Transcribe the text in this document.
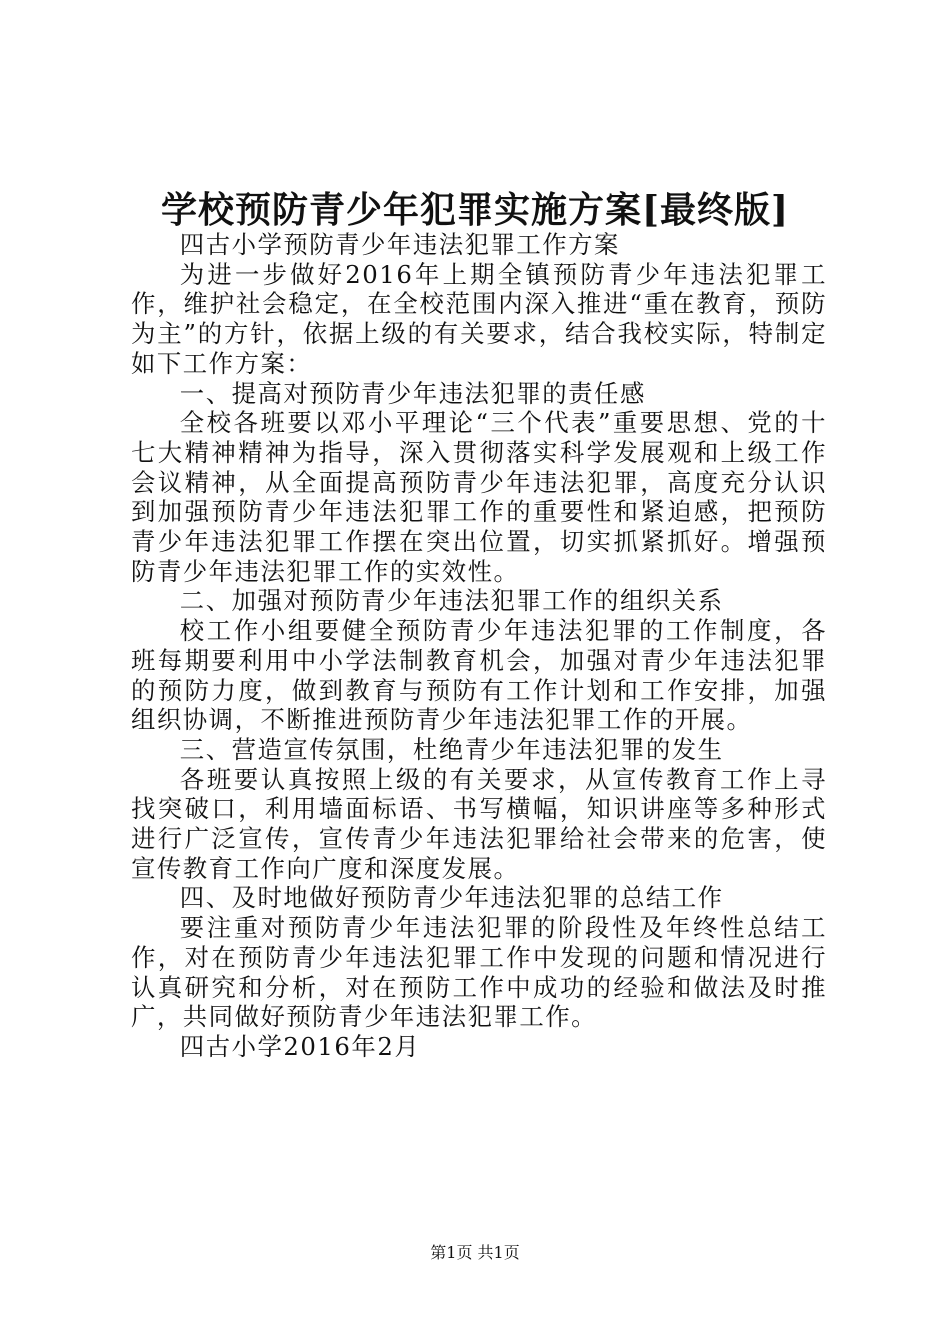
学校预防青少年犯罪实施方案[最终版]

四古小学预防青少年违法犯罪工作方案

为进一步做好2016年上期全镇预防青少年违法犯罪工作，维护社会稳定，在全校范围内深入推进“重在教育，预防为主”的方针，依据上级的有关要求，结合我校实际，特制定如下工作方案：

一、提高对预防青少年违法犯罪的责任感

全校各班要以邓小平理论“三个代表”重要思想、党的十七大精神精神为指导，深入贯彻落实科学发展观和上级工作会议精神，从全面提高预防青少年违法犯罪，高度充分认识到加强预防青少年违法犯罪工作的重要性和紧迫感，把预防青少年违法犯罪工作摆在突出位置，切实抓紧抓好。增强预防青少年违法犯罪工作的实效性。

二、加强对预防青少年违法犯罪工作的组织关系

校工作小组要健全预防青少年违法犯罪的工作制度，各班每期要利用中小学法制教育机会，加强对青少年违法犯罪的预防力度，做到教育与预防有工作计划和工作安排，加强组织协调，不断推进预防青少年违法犯罪工作的开展。

三、营造宣传氛围，杜绝青少年违法犯罪的发生

各班要认真按照上级的有关要求，从宣传教育工作上寻找突破口，利用墙面标语、书写横幅，知识讲座等多种形式进行广泛宣传，宣传青少年违法犯罪给社会带来的危害，使宣传教育工作向广度和深度发展。

四、及时地做好预防青少年违法犯罪的总结工作

要注重对预防青少年违法犯罪的阶段性及年终性总结工作，对在预防青少年违法犯罪工作中发现的问题和情况进行认真研究和分析，对在预防工作中成功的经验和做法及时推广，共同做好预防青少年违法犯罪工作。

四古小学2016年2月

第1页 共1页
